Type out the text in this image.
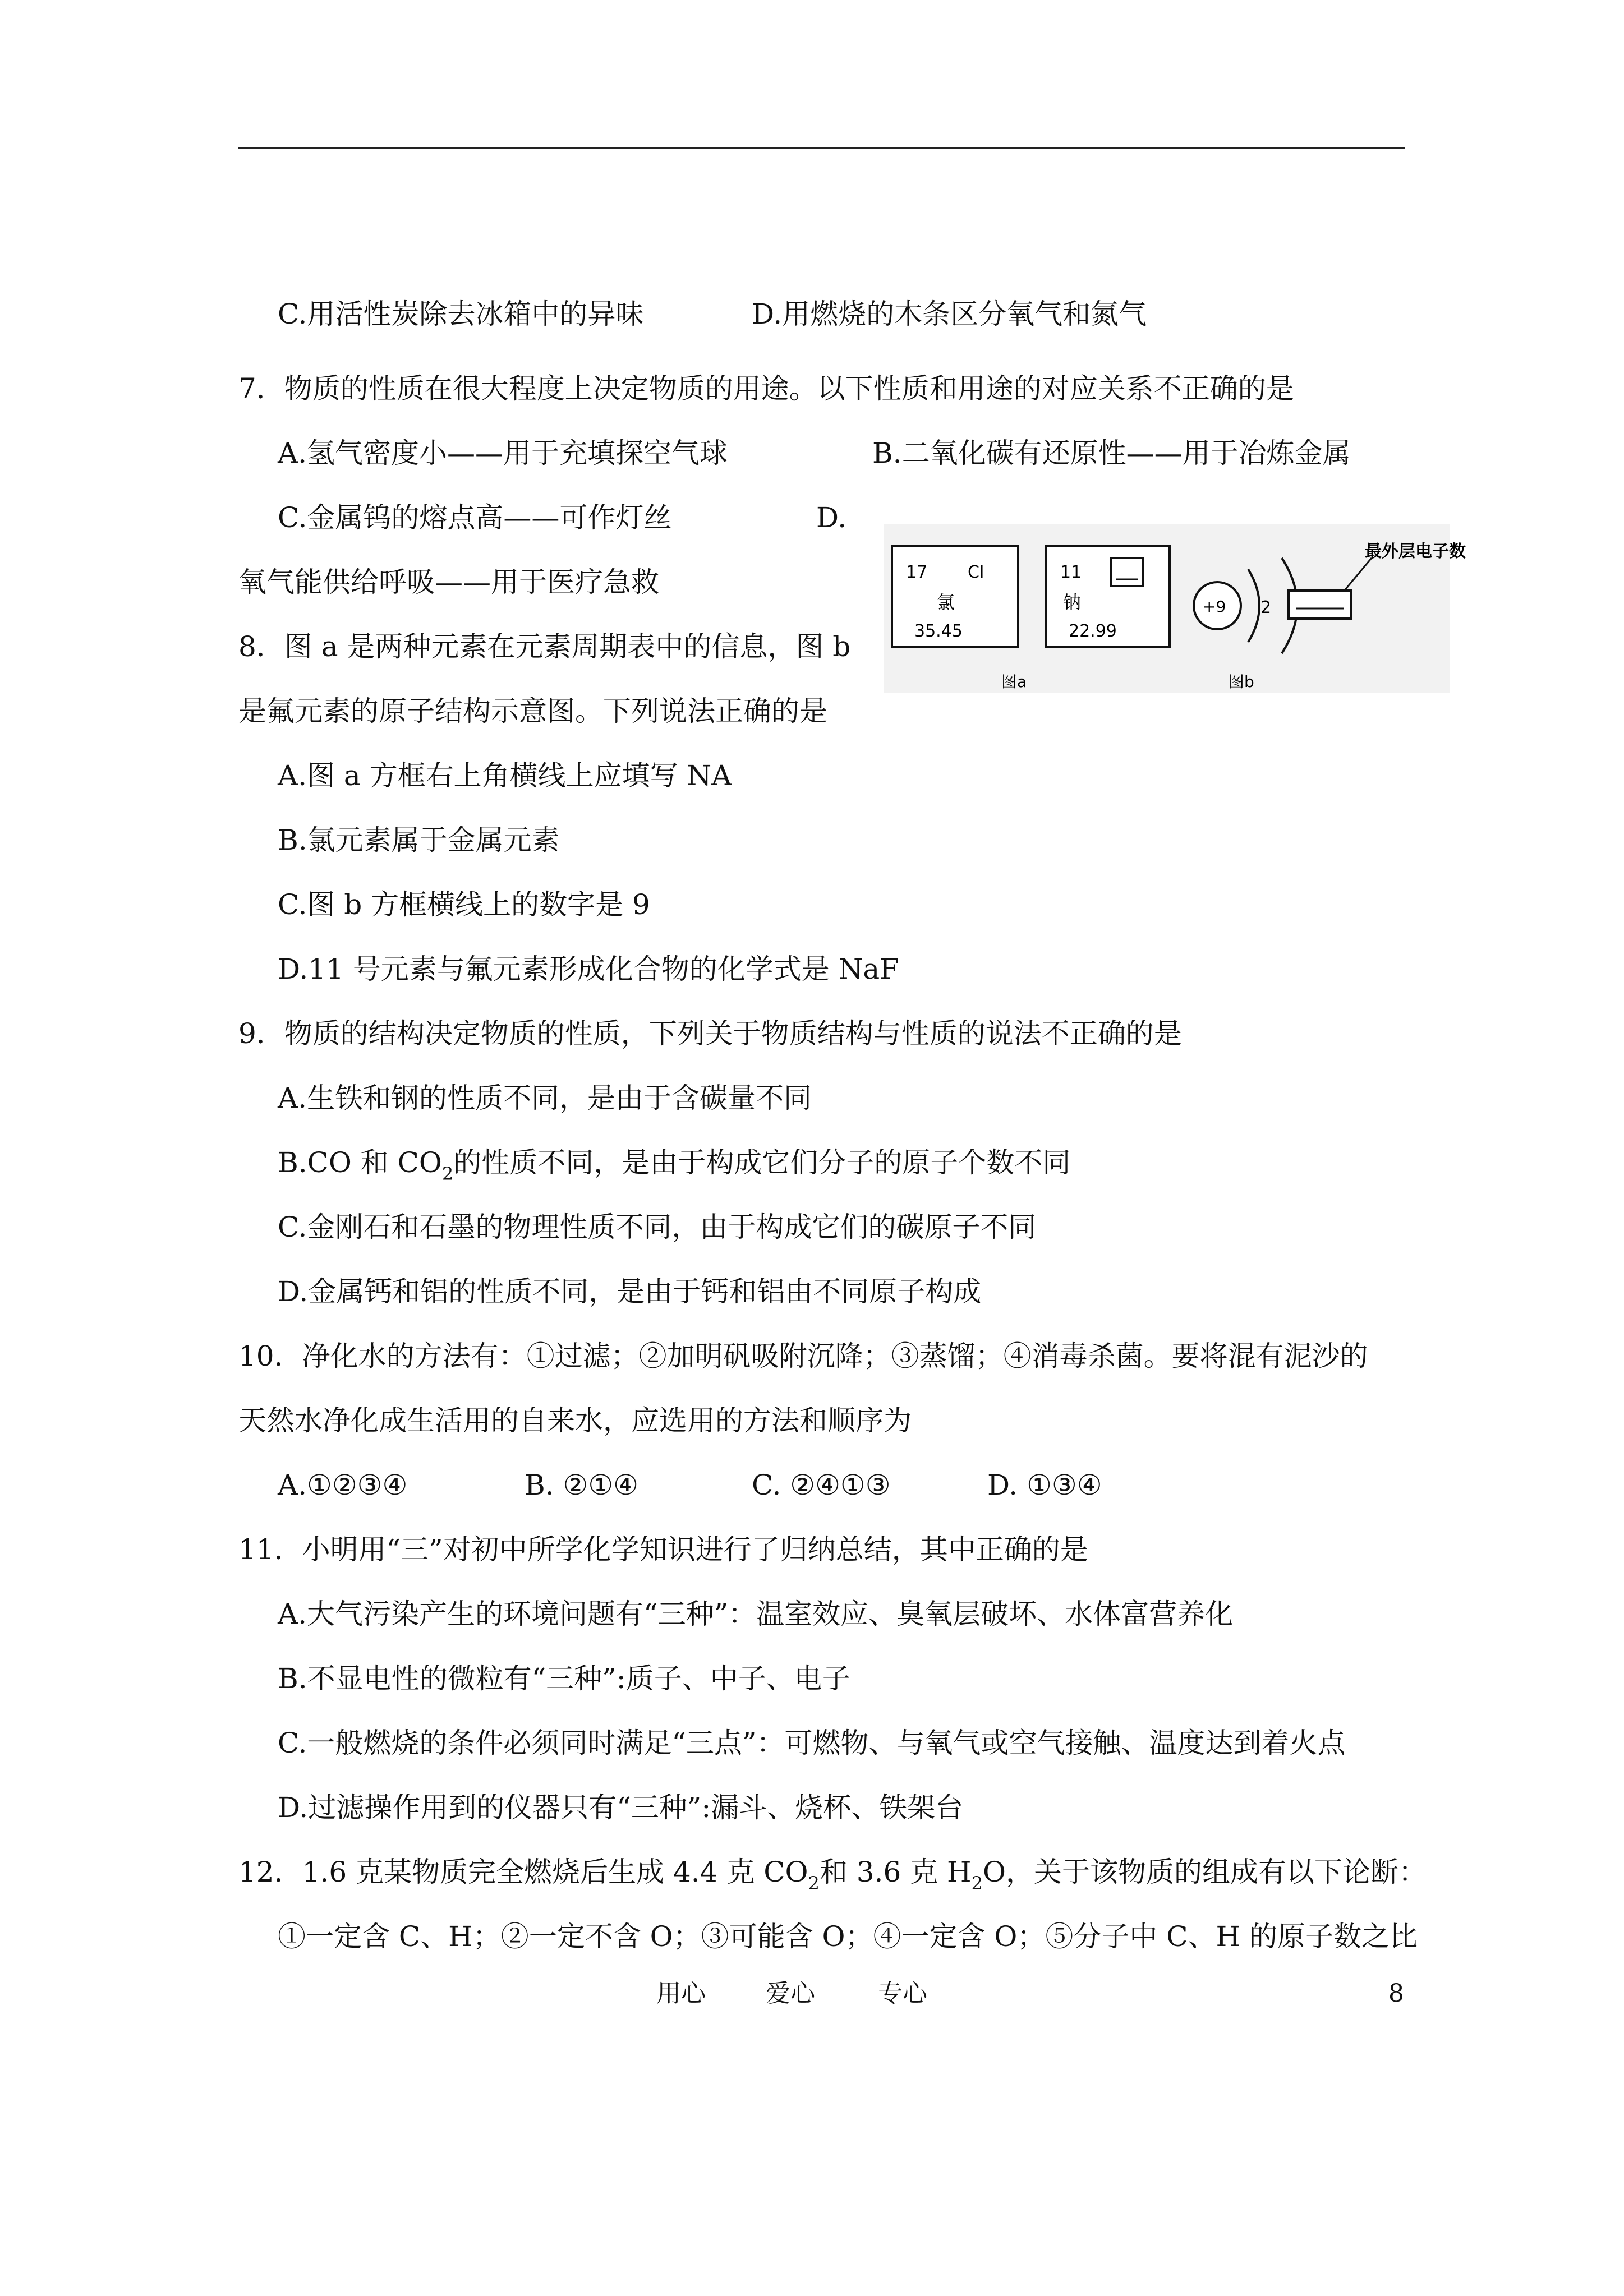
C.用活性炭除去冰箱中的异味	D.用燃烧的木条区分氧气和氮气
7．物质的性质在很大程度上决定物质的用途。以下性质和用途的对应关系不正确的是
A.氢气密度小——用于充填探空气球	B.二氧化碳有还原性——用于冶炼金属
C.金属钨的熔点高——可作灯丝	D.
氧气能供给呼吸——用于医疗急救
8．图 a 是两种元素在元素周期表中的信息，图 b
是氟元素的原子结构示意图。下列说法正确的是
17 Cl
氯
35.45
11
钠
22.99
图a
+9 2
最外层电子数
图b
A.图 a 方框右上角横线上应填写 NA
B.氯元素属于金属元素
C.图 b 方框横线上的数字是 9
D.11 号元素与氟元素形成化合物的化学式是 NaF
9．物质的结构决定物质的性质，下列关于物质结构与性质的说法不正确的是
A.生铁和钢的性质不同，是由于含碳量不同
B.CO 和 $CO_2$的性质不同，是由于构成它们分子的原子个数不同
C.金刚石和石墨的物理性质不同，由于构成它们的碳原子不同
D.金属钙和铝的性质不同，是由于钙和铝由不同原子构成
10．净化水的方法有：①过滤；②加明矾吸附沉降；③蒸馏；④消毒杀菌。要将混有泥沙的
天然水净化成生活用的自来水，应选用的方法和顺序为
A.①②③④	B. ②①④	C. ②④①③	D. ①③④
11．小明用“三”对初中所学化学知识进行了归纳总结，其中正确的是
A.大气污染产生的环境问题有“三种”：温室效应、臭氧层破坏、水体富营养化
B.不显电性的微粒有“三种”:质子、中子、电子
C.一般燃烧的条件必须同时满足“三点”：可燃物、与氧气或空气接触、温度达到着火点
D.过滤操作用到的仪器只有“三种”:漏斗、烧杯、铁架台
12．1.6 克某物质完全燃烧后生成 4.4 克 $CO_2$和 3.6 克 $H_2O$，关于该物质的组成有以下论断：
①一定含 C、H；②一定不含 O；③可能含 O；④一定含 O；⑤分子中 C、H 的原子数之比
用心 爱心	专心	8
